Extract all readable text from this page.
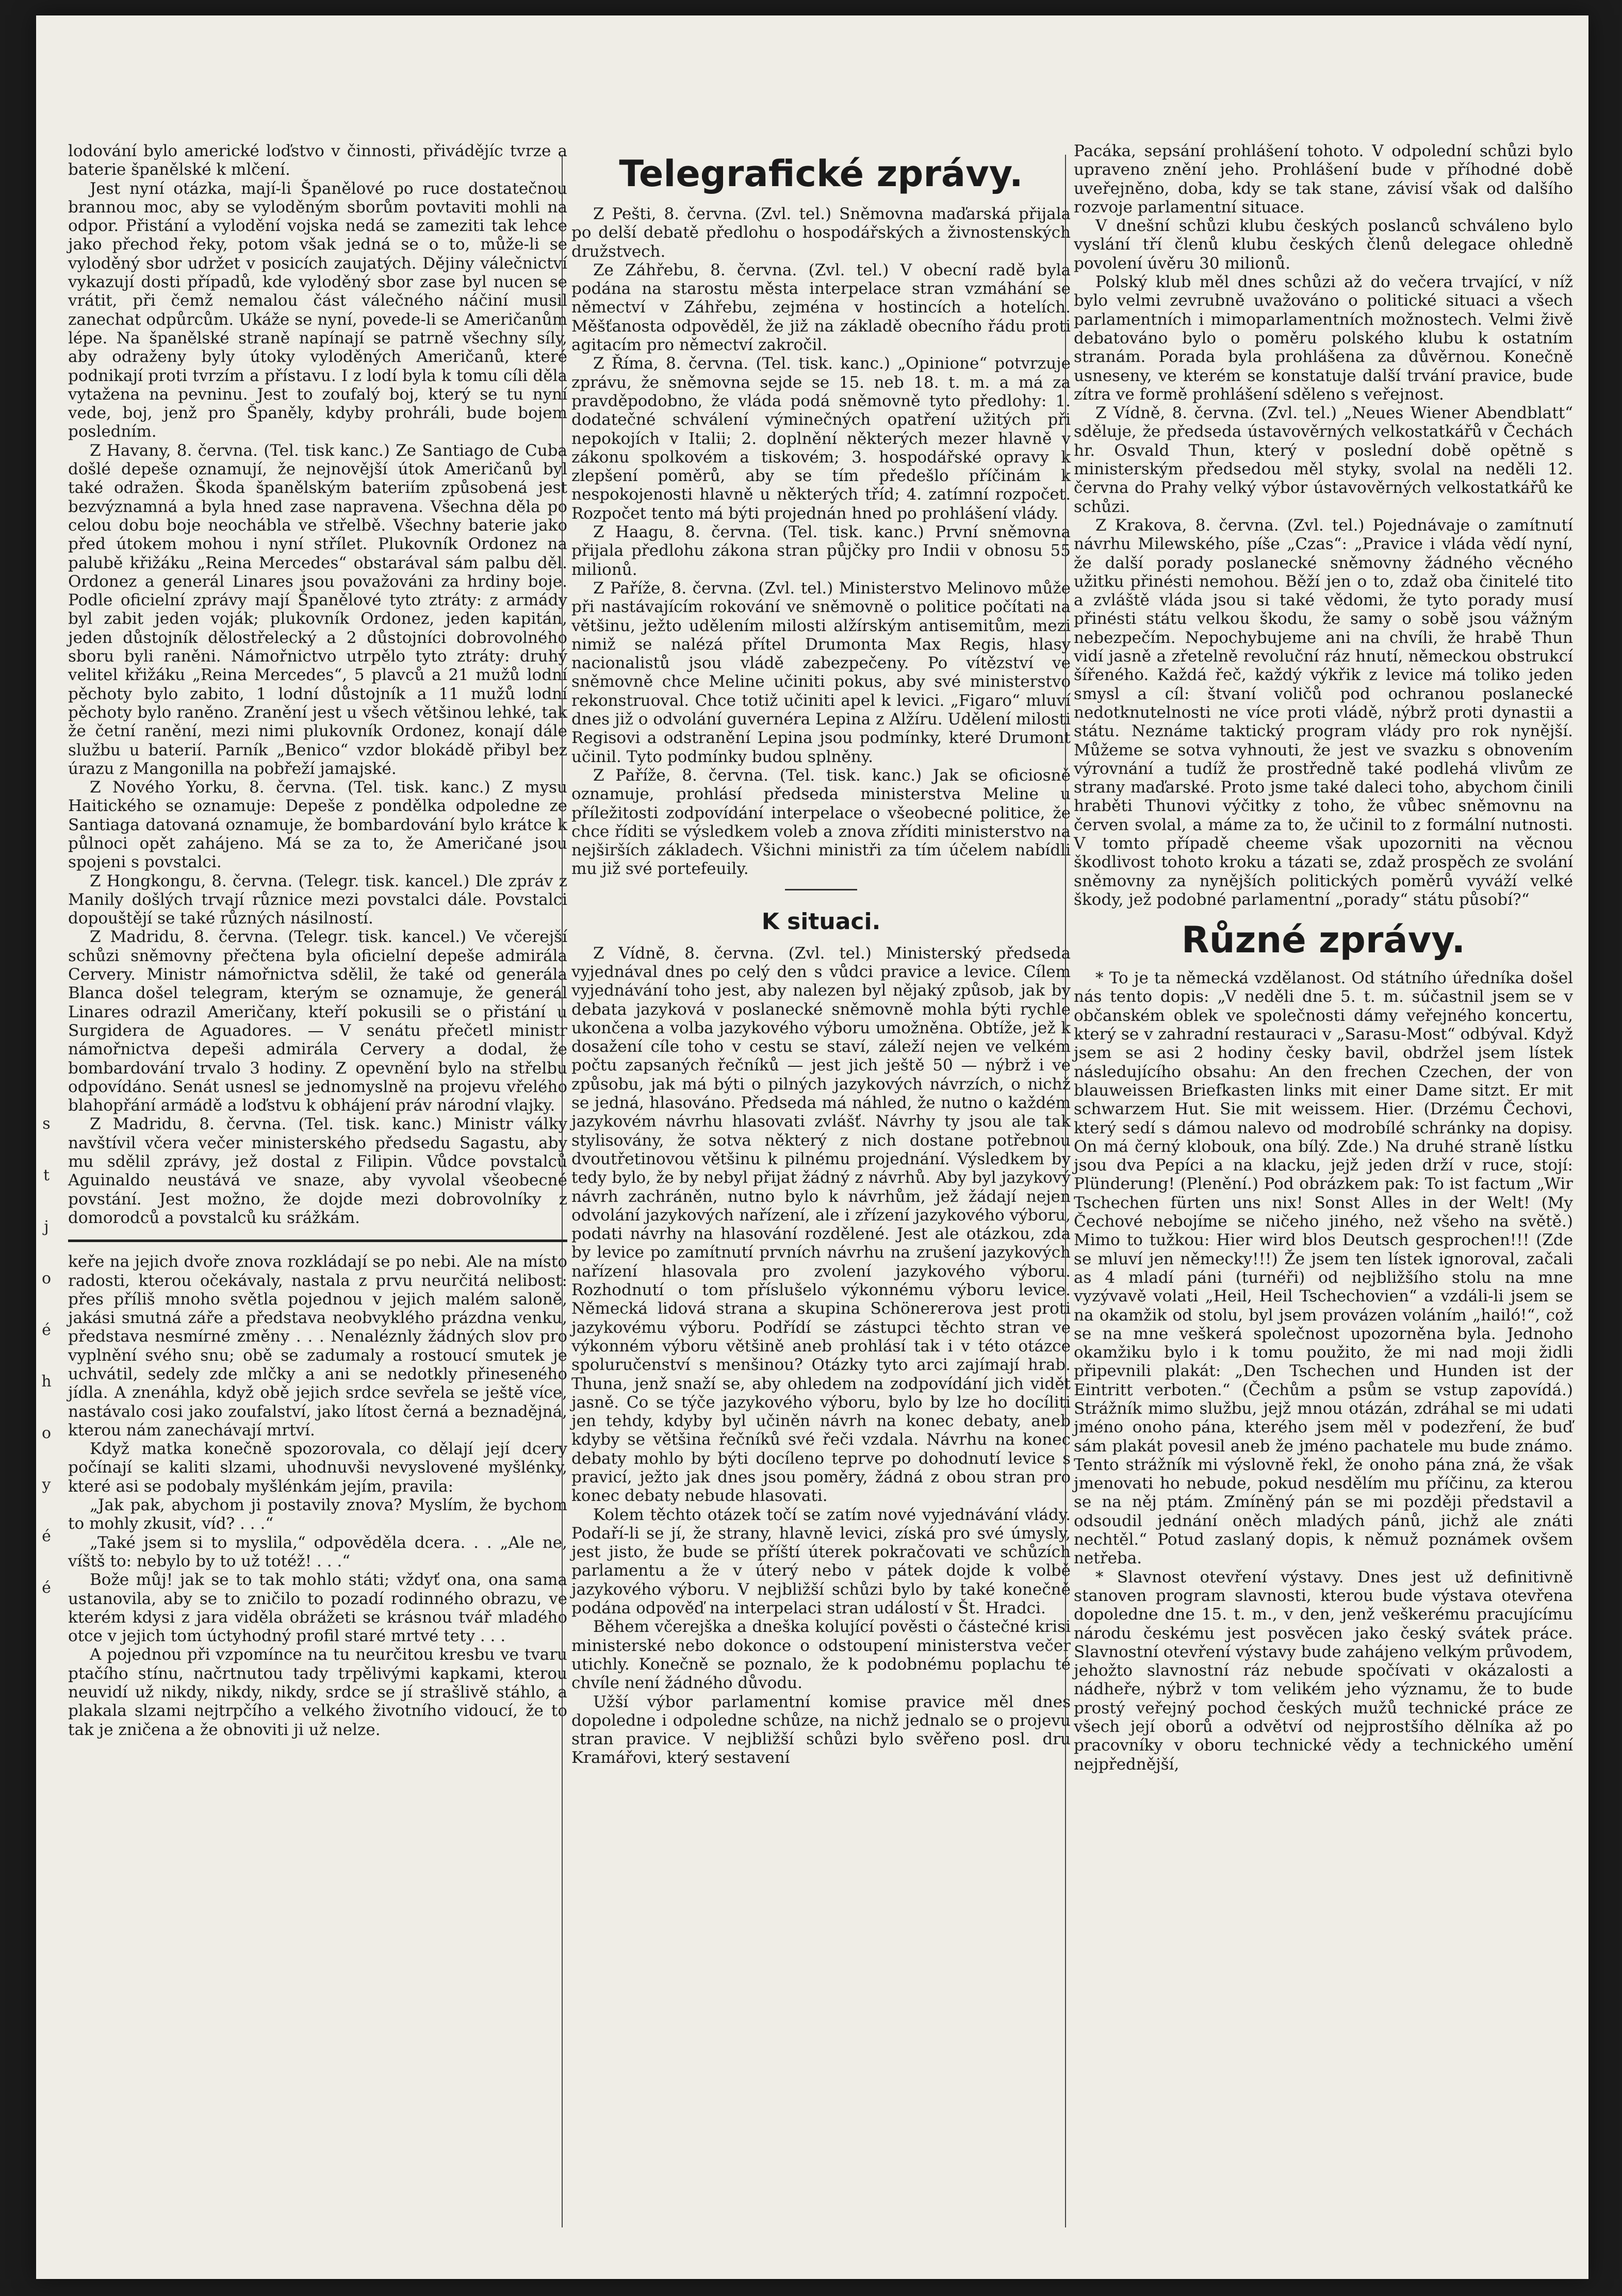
s
t
j
o
é
h
o
y
é
é

lodování bylo americké loďstvo v činnosti, přivádějíc tvrze a baterie španělské k mlčení.

Jest nyní otázka, mají-li Španělové po ruce dostatečnou brannou moc, aby se vyloděným sborům povtaviti mohli na odpor. Přistání a vylodění vojska nedá se zameziti tak lehce jako přechod řeky, potom však jedná se o to, může-li se vyloděný sbor udržet v posicích zaujatých. Dějiny válečnictví vykazují dosti případů, kde vyloděný sbor zase byl nucen se vrátit, při čemž nemalou část válečného náčiní musil zanechat odpůrcům. Ukáže se nyní, povede-li se Američanům lépe. Na španělské straně napínají se patrně všechny síly, aby odraženy byly útoky vyloděných Američanů, které podnikají proti tvrzím a přístavu. I z lodí byla k tomu cíli děla vytažena na pevninu. Jest to zoufalý boj, který se tu nyní vede, boj, jenž pro Španěly, kdyby prohráli, bude bojem posledním.

Z Havany, 8. června. (Tel. tisk kanc.) Ze Santiago de Cuba došlé depeše oznamují, že nejnovější útok Američanů byl také odražen. Škoda španělským bateriím způsobená jest bezvýznamná a byla hned zase napravena. Všechna děla po celou dobu boje neochábla ve střelbě. Všechny baterie jako před útokem mohou i nyní střílet. Plukovník Ordonez na palubě křižáku „Reina Mercedes“ obstarával sám palbu děl. Ordonez a generál Linares jsou považováni za hrdiny boje. Podle oficielní zprávy mají Španělové tyto ztráty: z armády byl zabit jeden voják; plukovník Ordonez, jeden kapitán, jeden důstojník dělostřelecký a 2 důstojníci dobrovolného sboru byli raněni. Námořnictvo utrpělo tyto ztráty: druhý velitel křižáku „Reina Mercedes“, 5 plavců a 21 mužů lodní pěchoty bylo zabito, 1 lodní důstojník a 11 mužů lodní pěchoty bylo raněno. Zranění jest u všech většinou lehké, tak že četní ranění, mezi nimi plukovník Ordonez, konají dále službu u baterií. Parník „Benico“ vzdor blokádě přibyl bez úrazu z Mangonilla na pobřeží jamajské.

Z Nového Yorku, 8. června. (Tel. tisk. kanc.) Z mysu Haitického se oznamuje: Depeše z pondělka odpoledne ze Santiaga datovaná oznamuje, že bombardování bylo krátce k půlnoci opět zahájeno. Má se za to, že Američané jsou spojeni s povstalci.

Z Hongkongu, 8. června. (Telegr. tisk. kancel.) Dle zpráv z Manily došlých trvají různice mezi povstalci dále. Povstalci dopouštějí se také různých násilností.

Z Madridu, 8. června. (Telegr. tisk. kancel.) Ve včerejší schůzi sněmovny přečtena byla oficielní depeše admirála Cervery. Ministr námořnictva sdělil, že také od generála Blanca došel telegram, kterým se oznamuje, že generál Linares odrazil Američany, kteří pokusili se o přistání u Surgidera de Aguadores. — V senátu přečetl ministr námořnictva depeši admirála Cervery a dodal, že bombardování trvalo 3 hodiny. Z opevnění bylo na střelbu odpovídáno. Senát usnesl se jednomyslně na projevu vřelého blahopřání armádě a loďstvu k obhájení práv národní vlajky.

Z Madridu, 8. června. (Tel. tisk. kanc.) Ministr války navštívil včera večer ministerského předsedu Sagastu, aby mu sdělil zprávy, jež dostal z Filipin. Vůdce povstalců Aguinaldo neustává ve snaze, aby vyvolal všeobecné povstání. Jest možno, že dojde mezi dobrovolníky z domorodců a povstalců ku srážkám.

keře na jejich dvoře znova rozkládají se po nebi. Ale na místo radosti, kterou očekávaly, nastala z prvu neurčitá nelibost: přes příliš mnoho světla pojednou v jejich malém saloně, jakási smutná záře a představa neobvyklého prázdna venku, představa nesmírné změny . . . Nenaléznly žádných slov pro vyplnění svého snu; obě se zadumaly a rostoucí smutek je uchvátil, sedely zde mlčky a ani se nedotkly přineseného jídla. A znenáhla, když obě jejich srdce sevřela se ještě více, nastávalo cosi jako zoufalství, jako lítost černá a beznadějná, kterou nám zanechávají mrtví.

Když matka konečně spozorovala, co dělají její dcery počínají se kaliti slzami, uhodnuvši nevyslovené myšlénky, které asi se podobaly myšlénkám jejím, pravila:

„Jak pak, abychom ji postavily znova? Myslím, že bychom to mohly zkusit, víd? . . .“

„Také jsem si to myslila,“ odpověděla dcera. . . „Ale ne, víštš to: nebylo by to už totéž! . . .“

Bože můj! jak se to tak mohlo státi; vždyť ona, ona sama ustanovila, aby se to zničilo to pozadí rodinného obrazu, ve kterém kdysi z jara viděla obrážeti se krásnou tvář mladého otce v jejich tom úctyhodný profil staré mrtvé tety . . .

A pojednou při vzpomínce na tu neurčitou kresbu ve tvaru ptačího stínu, načrtnutou tady trpělivými kapkami, kterou neuvidí už nikdy, nikdy, nikdy, srdce se jí strašlivě stáhlo, a plakala slzami nejtrpčího a velkého životního vidoucí, že to tak je zničena a že obnoviti ji už nelze.

Telegrafické zprávy.

Z Pešti, 8. června. (Zvl. tel.) Sněmovna maďarská přijala po delší debatě předlohu o hospodářských a živnostenských družstvech.

Ze Záhřebu, 8. června. (Zvl. tel.) V obecní radě byla podána na starostu města interpelace stran vzmáhání se němectví v Záhřebu, zejména v hostincích a hotelích. Měšťanosta odpověděl, že již na základě obecního řádu proti agitacím pro němectví zakročil.

Z Říma, 8. června. (Tel. tisk. kanc.) „Opinione“ potvrzuje zprávu, že sněmovna sejde se 15. neb 18. t. m. a má za pravděpodobno, že vláda podá sněmovně tyto předlohy: 1. dodatečné schválení výminečných opatření užitých při nepokojích v Italii; 2. doplnění některých mezer hlavně v zákonu spolkovém a tiskovém; 3. hospodářské opravy k zlepšení poměrů, aby se tím předešlo příčinám k nespokojenosti hlavně u některých tříd; 4. zatímní rozpočet. Rozpočet tento má býti projednán hned po prohlášení vlády.

Z Haagu, 8. června. (Tel. tisk. kanc.) První sněmovna přijala předlohu zákona stran půjčky pro Indii v obnosu 55 milionů.

Z Paříže, 8. června. (Zvl. tel.) Ministerstvo Melinovo může při nastávajícím rokování ve sněmovně o politice počítati na většinu, ježto udělením milosti alžírským antisemitům, mezi nimiž se nalézá přítel Drumonta Max Regis, hlasy nacionalistů jsou vládě zabezpečeny. Po vítězství ve sněmovně chce Meline učiniti pokus, aby své ministerstvo rekonstruoval. Chce totiž učiniti apel k levici. „Figaro“ mluví dnes již o odvolání guvernéra Lepina z Alžíru. Udělení milosti Regisovi a odstranění Lepina jsou podmínky, které Drumont učinil. Tyto podmínky budou splněny.

Z Paříže, 8. června. (Tel. tisk. kanc.) Jak se oficiosně oznamuje, prohlásí předseda ministerstva Meline u příležitosti zodpovídání interpelace o všeobecné politice, že chce říditi se výsledkem voleb a znova zříditi ministerstvo na nejširších základech. Všichni ministři za tím účelem nabídli mu již své portefeuily.

K situaci.

Z Vídně, 8. června. (Zvl. tel.) Ministerský předseda vyjednával dnes po celý den s vůdci pravice a levice. Cílem vyjednávání toho jest, aby nalezen byl nějaký způsob, jak by debata jazyková v poslanecké sněmovně mohla býti rychle ukončena a volba jazykového výboru umožněna. Obtíže, jež k dosažení cíle toho v cestu se staví, záleží nejen ve velkém počtu zapsaných řečníků — jest jich ještě 50 — nýbrž i ve způsobu, jak má býti o pilných jazykových návrzích, o nichž se jedná, hlasováno. Předseda má náhled, že nutno o každém jazykovém návrhu hlasovati zvlášť. Návrhy ty jsou ale tak stylisovány, že sotva některý z nich dostane potřebnou dvoutřetinovou většinu k pilnému projednání. Výsledkem by tedy bylo, že by nebyl přijat žádný z návrhů. Aby byl jazykový návrh zachráněn, nutno bylo k návrhům, jež žádají nejen odvolání jazykových nařízení, ale i zřízení jazykového výboru, podati návrhy na hlasování rozdělené. Jest ale otázkou, zda by levice po zamítnutí prvních návrhu na zrušení jazykových nařízení hlasovala pro zvolení jazykového výboru. Rozhodnutí o tom příslušelo výkonnému výboru levice. Německá lidová strana a skupina Schönererova jest proti jazykovému výboru. Podřídí se zástupci těchto stran ve výkonném výboru většině aneb prohlásí tak i v této otázce spoluručenství s menšinou? Otázky tyto arci zajímají hrab. Thuna, jenž snaží se, aby ohledem na zodpovídání jich vidět jasně. Co se týče jazykového výboru, bylo by lze ho docíliti jen tehdy, kdyby byl učiněn návrh na konec debaty, aneb kdyby se většina řečníků své řeči vzdala. Návrhu na konec debaty mohlo by býti docíleno teprve po dohodnutí levice s pravicí, ježto jak dnes jsou poměry, žádná z obou stran pro konec debaty nebude hlasovati.

Kolem těchto otázek točí se zatím nové vyjednávání vlády. Podaří-li se jí, že strany, hlavně levici, získá pro své úmysly, jest jisto, že bude se příští úterek pokračovati ve schůzích parlamentu a že v úterý nebo v pátek dojde k volbě jazykového výboru. V nejbližší schůzi bylo by také konečně podána odpověď na interpelaci stran událostí v Št. Hradci.

Během včerejška a dneška kolující pověsti o částečné krisi ministerské nebo dokonce o odstoupení ministerstva večer utichly. Konečně se poznalo, že k podobnému poplachu té chvíle není žádného důvodu.

Užší výbor parlamentní komise pravice měl dnes dopoledne i odpoledne schůze, na nichž jednalo se o projevu stran pravice. V nejbližší schůzi bylo svěřeno posl. dru Kramářovi, který sestavení

Pacáka, sepsání prohlášení tohoto. V odpolední schůzi bylo upraveno znění jeho. Prohlášení bude v příhodné době uveřejněno, doba, kdy se tak stane, závisí však od dalšího rozvoje parlamentní situace.

V dnešní schůzi klubu českých poslanců schváleno bylo vyslání tří členů klubu českých členů delegace ohledně povolení úvěru 30 milionů.

Polský klub měl dnes schůzi až do večera trvající, v níž bylo velmi zevrubně uvažováno o politické situaci a všech parlamentních i mimoparlamentních možnostech. Velmi živě debatováno bylo o poměru polského klubu k ostatním stranám. Porada byla prohlášena za důvěrnou. Konečně usneseny, ve kterém se konstatuje další trvání pravice, bude zítra ve formě prohlášení sděleno s veřejnost.

Z Vídně, 8. června. (Zvl. tel.) „Neues Wiener Abendblatt“ sděluje, že předseda ústavověrných velkostatkářů v Čechách hr. Osvald Thun, který v poslední době opětně s ministerským předsedou měl styky, svolal na neděli 12. června do Prahy velký výbor ústavověrných velkostatkářů ke schůzi.

Z Krakova, 8. června. (Zvl. tel.) Pojednávaje o zamítnutí návrhu Milewského, píše „Czas“: „Pravice i vláda vědí nyní, že další porady poslanecké sněmovny žádného věcného užitku přinésti nemohou. Běží jen o to, zdaž oba činitelé tito a zvláště vláda jsou si také vědomi, že tyto porady musí přinésti státu velkou škodu, že samy o sobě jsou vážným nebezpečím. Nepochybujeme ani na chvíli, že hrabě Thun vidí jasně a zřetelně revoluční ráz hnutí, německou obstrukcí šířeného. Každá řeč, každý výkřik z levice má toliko jeden smysl a cíl: štvaní voličů pod ochranou poslanecké nedotknutelnosti ne více proti vládě, nýbrž proti dynastii a státu. Neznáme taktický program vlády pro rok nynější. Můžeme se sotva vyhnouti, že jest ve svazku s obnovením výrovnání a tudíž že prostředně také podlehá vlivům ze strany maďarské. Proto jsme také daleci toho, abychom činili hraběti Thunovi výčitky z toho, že vůbec sněmovnu na červen svolal, a máme za to, že učinil to z formální nutnosti. V tomto případě cheeme však upozorniti na věcnou škodlivost tohoto kroku a tázati se, zdaž prospěch ze svolání sněmovny za nynějších politických poměrů vyváží velké škody, jež podobné parlamentní „porady“ státu působí?“

Různé zprávy.

* To je ta německá vzdělanost. Od státního úředníka došel nás tento dopis: „V neděli dne 5. t. m. súčastnil jsem se v občanském oblek ve společnosti dámy veřejného koncertu, který se v zahradní restauraci v „Sarasu-Most“ odbýval. Když jsem se asi 2 hodiny česky bavil, obdržel jsem lístek následujícího obsahu: An den frechen Czechen, der von blauweissen Briefkasten links mit einer Dame sitzt. Er mit schwarzem Hut. Sie mit weissem. Hier. (Drzému Čechovi, který sedí s dámou nalevo od modrobílé schránky na dopisy. On má černý klobouk, ona bílý. Zde.) Na druhé straně lístku jsou dva Pepíci a na klacku, jejž jeden drží v ruce, stojí: Plünderung! (Plenění.) Pod obrázkem pak: To ist factum „Wir Tschechen fürten uns nix! Sonst Alles in der Welt! (My Čechové nebojíme se ničeho jiného, než všeho na světě.) Mimo to tužkou: Hier wird blos Deutsch gesprochen!!! (Zde se mluví jen německy!!!) Že jsem ten lístek ignoroval, začali as 4 mladí páni (turnéři) od nejbližšího stolu na mne vyzývavě volati „Heil, Heil Tschechovien“ a vzdáli-li jsem se na okamžik od stolu, byl jsem provázen voláním „hailó!“, což se na mne veškerá společnost upozorněna byla. Jednoho okamžiku bylo i k tomu použito, že mi nad moji židli připevnili plakát: „Den Tschechen und Hunden ist der Eintritt verboten.“ (Čechům a psům se vstup zapovídá.) Strážník mimo službu, jejž mnou otázán, zdráhal se mi udati jméno onoho pána, kterého jsem měl v podezření, že buď sám plakát povesil aneb že jméno pachatele mu bude známo. Tento strážník mi výslovně řekl, že onoho pána zná, že však jmenovati ho nebude, pokud nesdělím mu příčinu, za kterou se na něj ptám. Zmíněný pán se mi později představil a odsoudil jednání oněch mladých pánů, jichž ale znáti nechtěl.“ Potud zaslaný dopis, k němuž poznámek ovšem netřeba.

* Slavnost otevření výstavy. Dnes jest už definitivně stanoven program slavnosti, kterou bude výstava otevřena dopoledne dne 15. t. m., v den, jenž veškerému pracujícímu národu českému jest posvěcen jako český svátek práce. Slavnostní otevření výstavy bude zahájeno velkým průvodem, jehožto slavnostní ráz nebude spočívati v okázalosti a nádheře, nýbrž v tom velikém jeho významu, že to bude prostý veřejný pochod českých mužů technické práce ze všech její oborů a odvětví od nejprostšího dělníka až po pracovníky v oboru technické vědy a technického umění nejpřednější,
